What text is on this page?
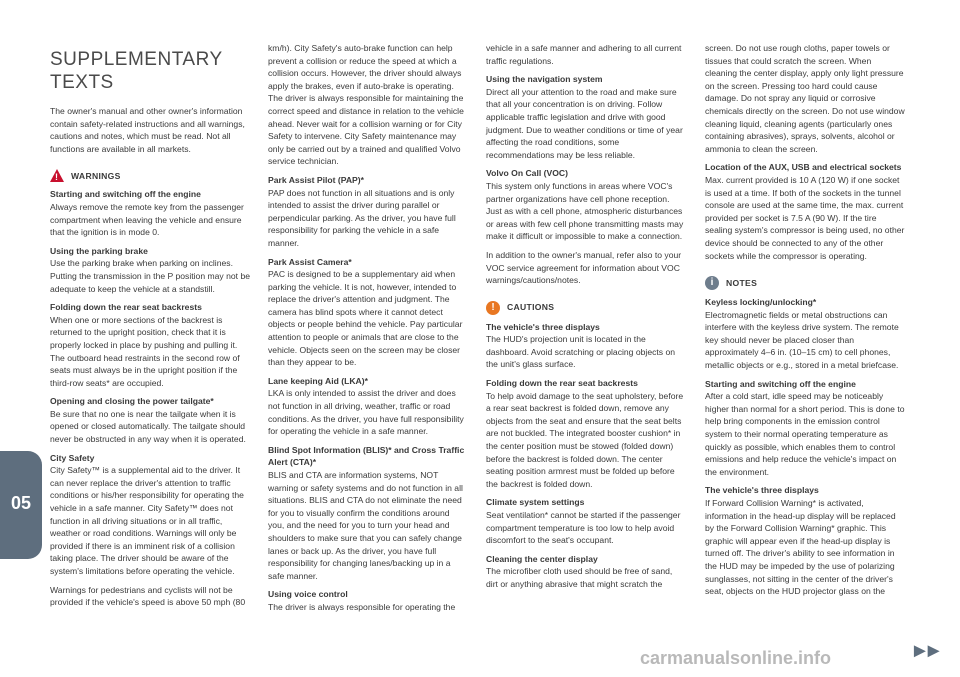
05
SUPPLEMENTARY
TEXTS

The owner's manual and other owner's information contain safety-related instructions and all warnings, cautions and notes, which must be read. Not all functions are available in all markets.

! WARNINGS
Starting and switching off the engine

Always remove the remote key from the passenger compartment when leaving the vehicle and ensure that the ignition is in mode 0.

Using the parking brake

Use the parking brake when parking on inclines. Putting the transmission in the P position may not be adequate to keep the vehicle at a standstill.

Folding down the rear seat backrests

When one or more sections of the backrest is returned to the upright position, check that it is properly locked in place by pushing and pulling it. The outboard head restraints in the second row of seats must always be in the upright position if the third-row seats* are occupied.

Opening and closing the power tailgate*

Be sure that no one is near the tailgate when it is opened or closed automatically. The tailgate should never be obstructed in any way when it is operated.

City Safety

City Safety™ is a supplemental aid to the driver. It can never replace the driver's attention to traffic conditions or his/her responsibility for operating the vehicle in a safe manner. City Safety™ does not function in all driving situations or in all traffic, weather or road conditions. Warnings will only be provided if there is an imminent risk of a collision taking place. The driver should be aware of the system's limitations before operating the vehicle.

Warnings for pedestrians and cyclists will not be provided if the vehicle's speed is above 50 mph (80

km/h). City Safety's auto-brake function can help prevent a collision or reduce the speed at which a collision occurs. However, the driver should always apply the brakes, even if auto-brake is operating. The driver is always responsible for maintaining the correct speed and distance in relation to the vehicle ahead. Never wait for a collision warning or for City Safety to intervene. City Safety maintenance may only be carried out by a trained and qualified Volvo service technician.

Park Assist Pilot (PAP)*

PAP does not function in all situations and is only intended to assist the driver during parallel or perpendicular parking. As the driver, you have full responsibility for parking the vehicle in a safe manner.

Park Assist Camera*

PAC is designed to be a supplementary aid when parking the vehicle. It is not, however, intended to replace the driver's attention and judgment. The camera has blind spots where it cannot detect objects or people behind the vehicle. Pay particular attention to people or animals that are close to the vehicle. Objects seen on the screen may be closer than they appear to be.

Lane keeping Aid (LKA)*

LKA is only intended to assist the driver and does not function in all driving, weather, traffic or road conditions. As the driver, you have full responsibility for operating the vehicle in a safe manner.

Blind Spot Information (BLIS)* and Cross Traffic Alert (CTA)*

BLIS and CTA are information systems, NOT warning or safety systems and do not function in all situations. BLIS and CTA do not eliminate the need for you to visually confirm the conditions around you, and the need for you to turn your head and shoulders to make sure that you can safely change lanes or back up. As the driver, you have full responsibility for changing lanes/backing up in a safe manner.

Using voice control

The driver is always responsible for operating the

vehicle in a safe manner and adhering to all current traffic regulations.

Using the navigation system

Direct all your attention to the road and make sure that all your concentration is on driving. Follow applicable traffic legislation and drive with good judgment. Due to weather conditions or time of year affecting the road conditions, some recommendations may be less reliable.

Volvo On Call (VOC)

This system only functions in areas where VOC's partner organizations have cell phone reception. Just as with a cell phone, atmospheric disturbances or areas with few cell phone transmitting masts may make it difficult or impossible to make a connection.

In addition to the owner's manual, refer also to your VOC service agreement for information about VOC warnings/cautions/notes.

!	CAUTIONS
The vehicle's three displays

The HUD's projection unit is located in the dashboard. Avoid scratching or placing objects on the unit's glass surface.

Folding down the rear seat backrests

To help avoid damage to the seat upholstery, before a rear seat backrest is folded down, remove any objects from the seat and ensure that the seat belts are not buckled. The integrated booster cushion* in the center position must be stowed (folded down) before the backrest is folded down. The center seating position armrest must be folded up before the backrest is folded down.

Climate system settings

Seat ventilation* cannot be started if the passenger compartment temperature is too low to help avoid discomfort to the seat's occupant.

Cleaning the center display

The microfiber cloth used should be free of sand, dirt or anything abrasive that might scratch the

screen. Do not use rough cloths, paper towels or tissues that could scratch the screen. When cleaning the center display, apply only light pressure on the screen. Pressing too hard could cause damage. Do not spray any liquid or corrosive chemicals directly on the screen. Do not use window cleaning liquid, cleaning agents (particularly ones containing abrasives), sprays, solvents, alcohol or ammonia to clean the screen.

Location of the AUX, USB and electrical sockets

Max. current provided is 10 A (120 W) if one socket is used at a time. If both of the sockets in the tunnel console are used at the same time, the max. current provided per socket is 7.5 A (90 W). If the tire sealing system's compressor is being used, no other device should be connected to any of the other sockets while the compressor is operating.

i	NOTES
Keyless locking/unlocking*

Electromagnetic fields or metal obstructions can interfere with the keyless drive system. The remote key should never be placed closer than approximately 4–6 in. (10–15 cm) to cell phones, metallic objects or e.g., stored in a metal briefcase.

Starting and switching off the engine

After a cold start, idle speed may be noticeably higher than normal for a short period. This is done to help bring components in the emission control system to their normal operating temperature as quickly as possible, which enables them to control emissions and help reduce the vehicle's impact on the environment.

The vehicle's three displays

If Forward Collision Warning* is activated, information in the head-up display will be replaced by the Forward Collision Warning* graphic. This graphic will appear even if the head-up display is turned off. The driver's ability to see information in the HUD may be impeded by the use of polarizing sunglasses, not sitting in the center of the driver's seat, objects on the HUD projector glass on the

carmanualsonline.info	►►
